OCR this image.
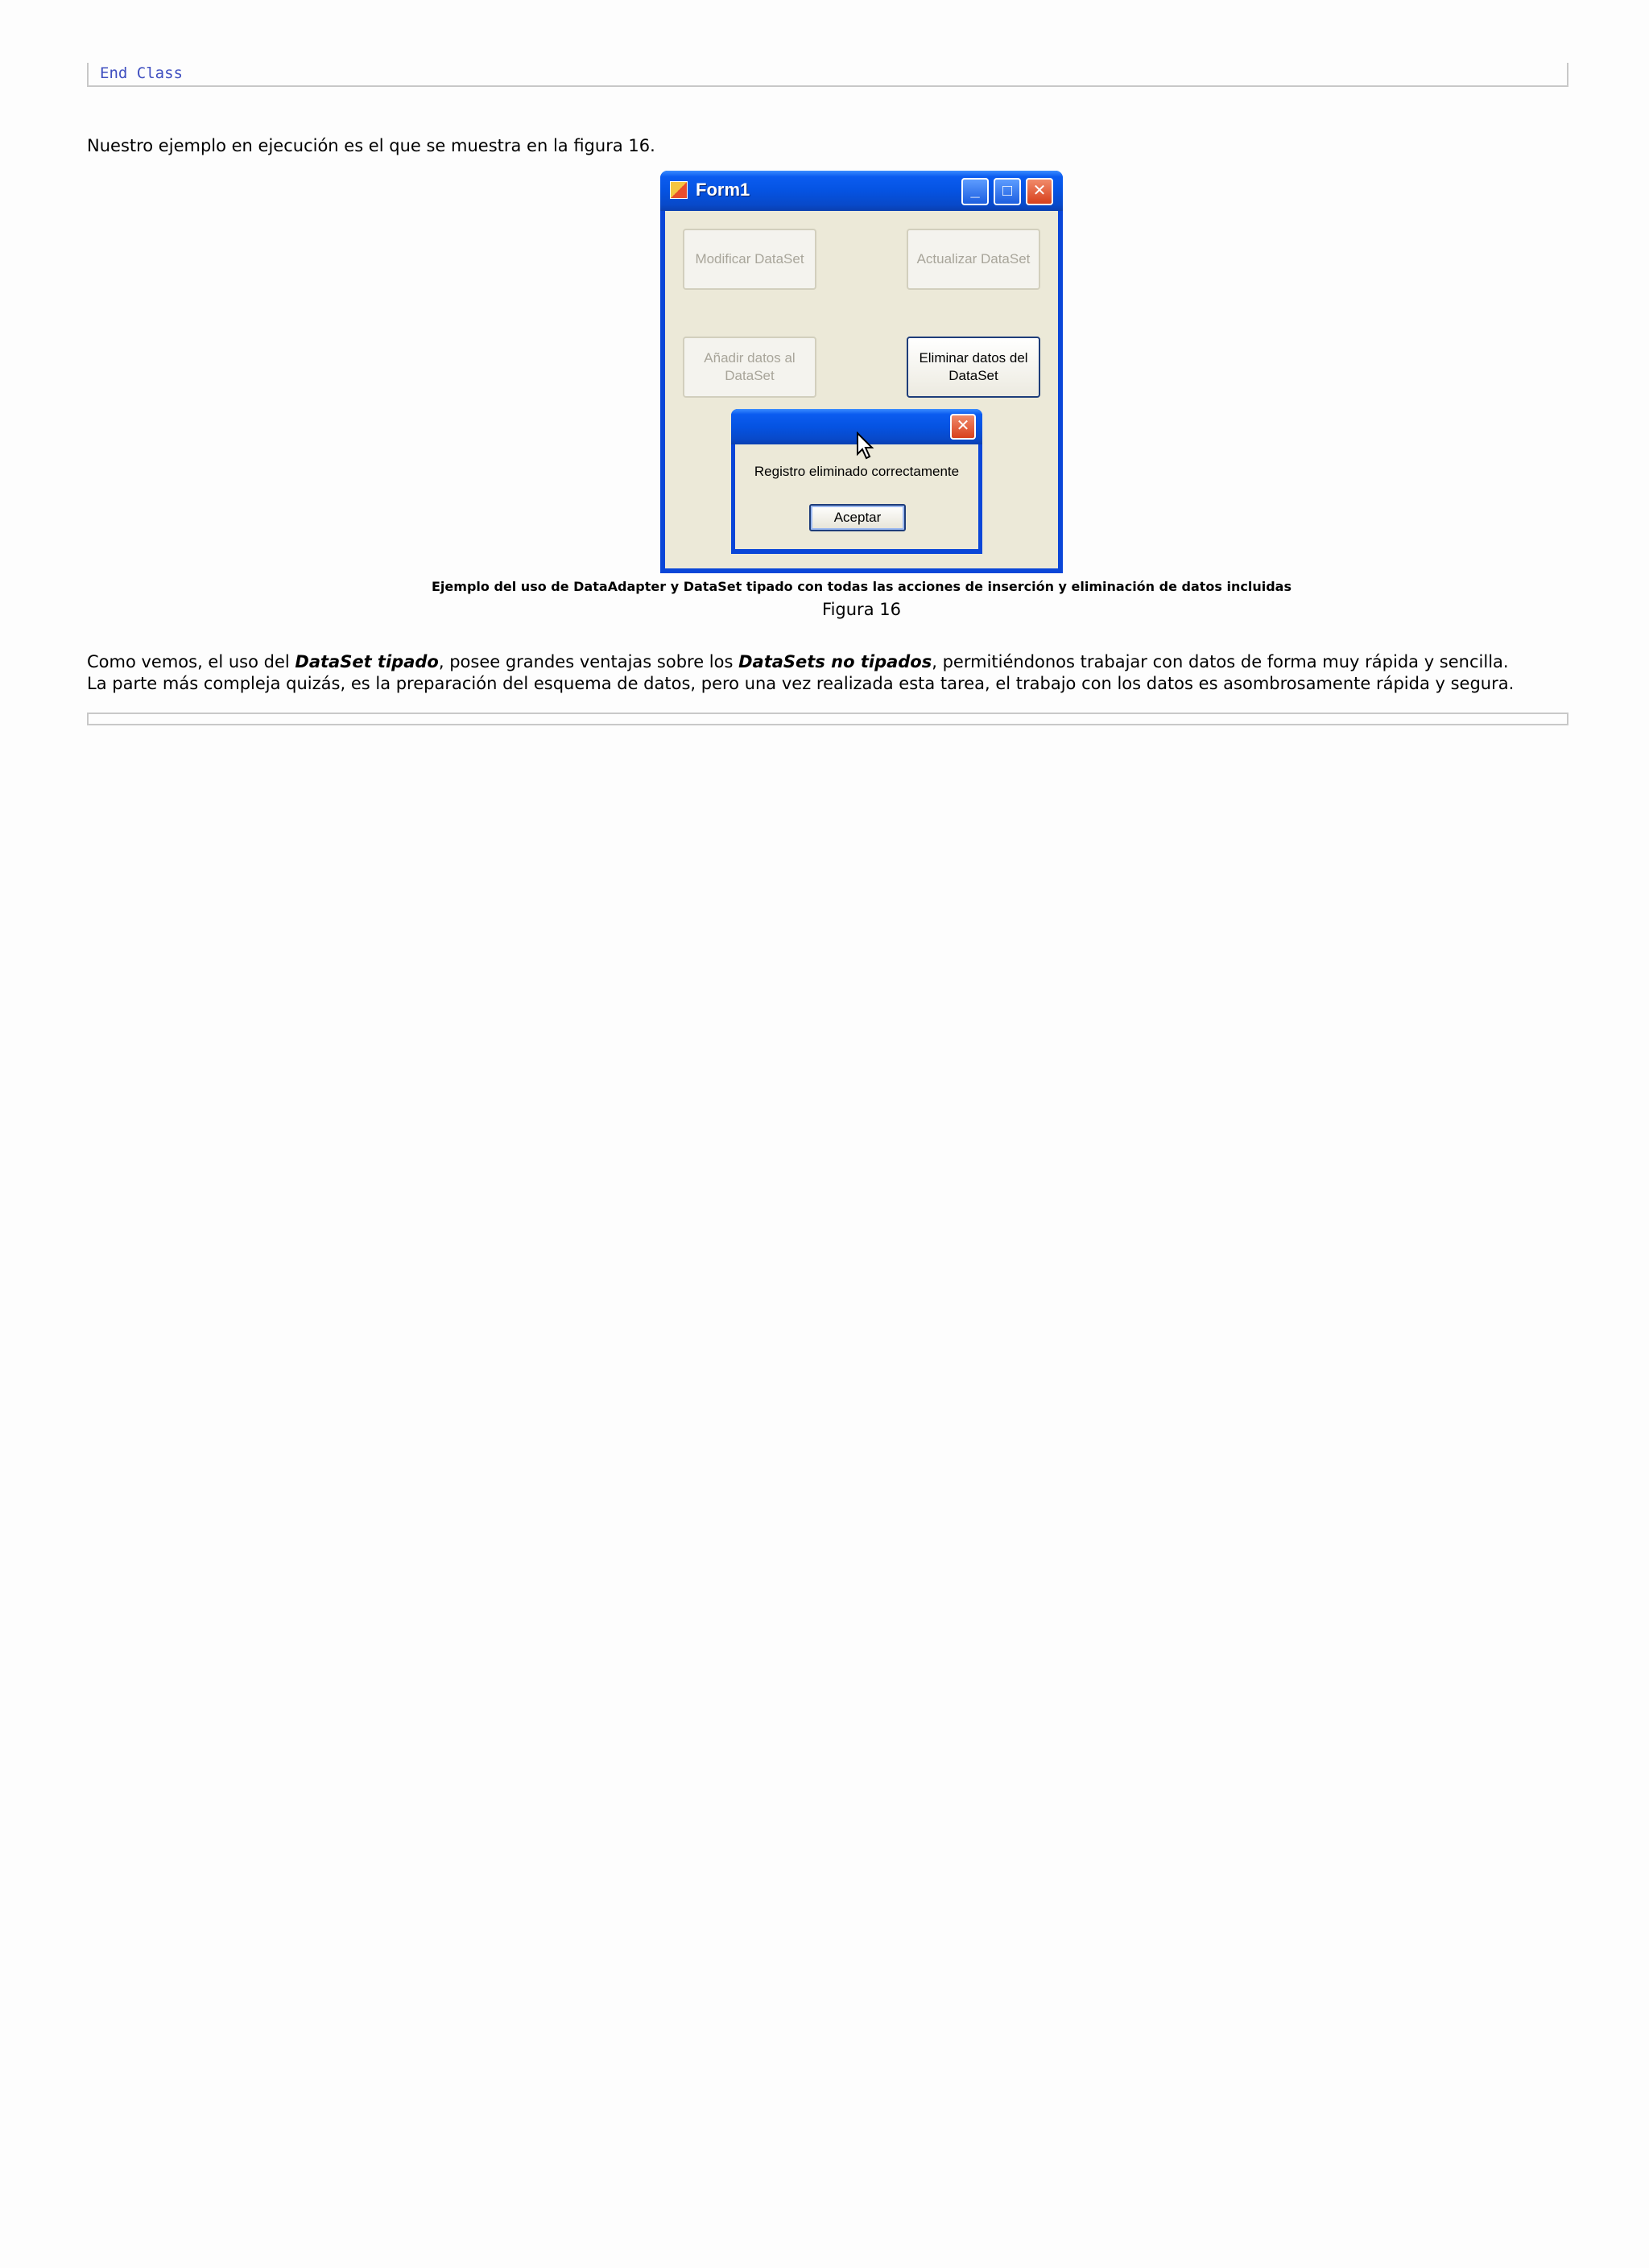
End Class
Nuestro ejemplo en ejecución es el que se muestra en la figura 16.
Form1	_	□	✕
Modificar DataSet	Actualizar DataSet
Añadir datos al DataSet
Eliminar datos del DataSet
✕
Registro eliminado correctamente
Aceptar
Ejemplo del uso de DataAdapter y DataSet tipado con todas las acciones de inserción y eliminación de datos incluidas
Figura 16
Como vemos, el uso del DataSet tipado, posee grandes ventajas sobre los DataSets no tipados, permitiéndonos trabajar con datos de forma muy rápida y sencilla.
La parte más compleja quizás, es la preparación del esquema de datos, pero una vez realizada esta tarea, el trabajo con los datos es asombrosamente rápida y segura.
